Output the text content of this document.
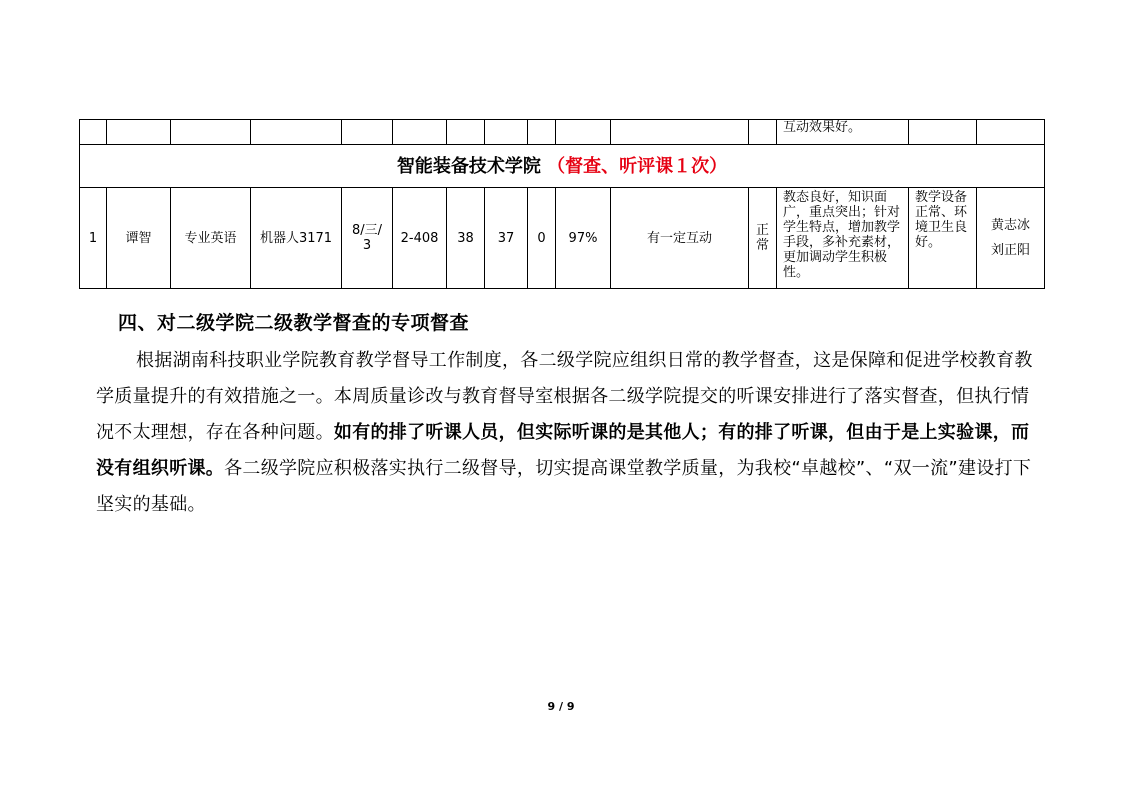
												互动效果好。		
智能装备技术学院 （督查、听评课１次）														
1	谭智	专业英语	机器人3171	8/三/3	2-408	38	37	0	97%	有一定互动	正常	教态良好，知识面广，重点突出；针对学生特点，增加教学手段，多补充素材，更加调动学生积极性。	教学设备正常、环境卫生良好。	黄志冰
刘正阳
四、对二级学院二级教学督查的专项督查

根据湖南科技职业学院教育教学督导工作制度，各二级学院应组织日常的教学督查，这是保障和促进学校教育教学质量提升的有效措施之一。本周质量诊改与教育督导室根据各二级学院提交的听课安排进行了落实督查，但执行情况不太理想，存在各种问题。如有的排了听课人员，但实际听课的是其他人；有的排了听课，但由于是上实验课，而没有组织听课。各二级学院应积极落实执行二级督导，切实提高课堂教学质量，为我校“卓越校”、“双一流”建设打下坚实的基础。

9 / 9
